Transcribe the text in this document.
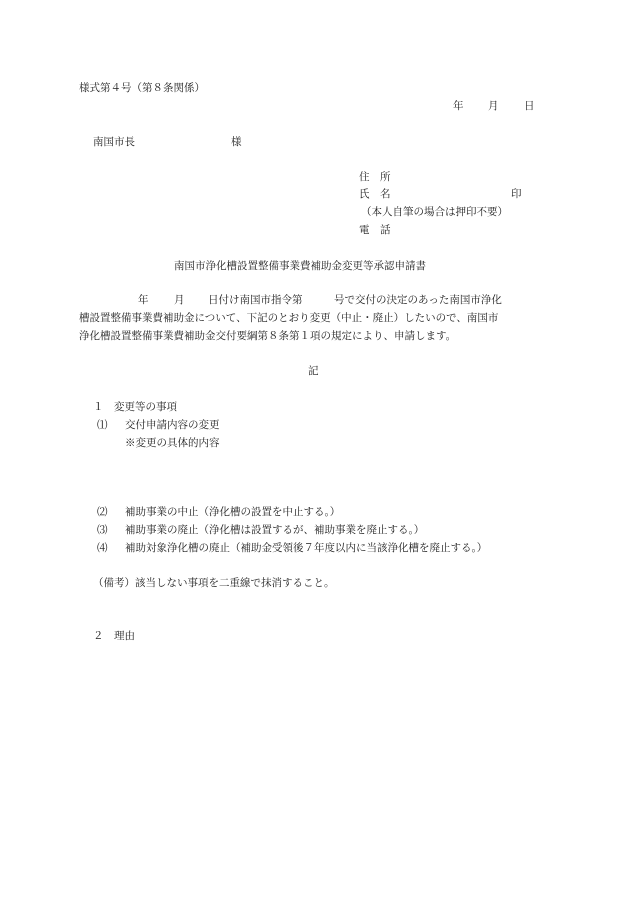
様式第４号（第８条関係）
年 月 日
南国市長	様
住　所
氏　名	印
（本人自筆の場合は押印不要）
電　話
南国市浄化槽設置整備事業費補助金変更等承認申請書
年 月 日付け南国市指令第	号で交付の決定のあった南国市浄化
槽設置整備事業費補助金について、下記のとおり変更（中止・廃止）したいので、南国市
浄化槽設置整備事業費補助金交付要綱第８条第１項の規定により、申請します。
記
１　変更等の事項
⑴ 交付申請内容の変更
※変更の具体的内容
⑵ 補助事業の中止（浄化槽の設置を中止する。）
⑶ 補助事業の廃止（浄化槽は設置するが、補助事業を廃止する。）
⑷ 補助対象浄化槽の廃止（補助金受領後７年度以内に当該浄化槽を廃止する。）
（備考）該当しない事項を二重線で抹消すること。
２　理由
